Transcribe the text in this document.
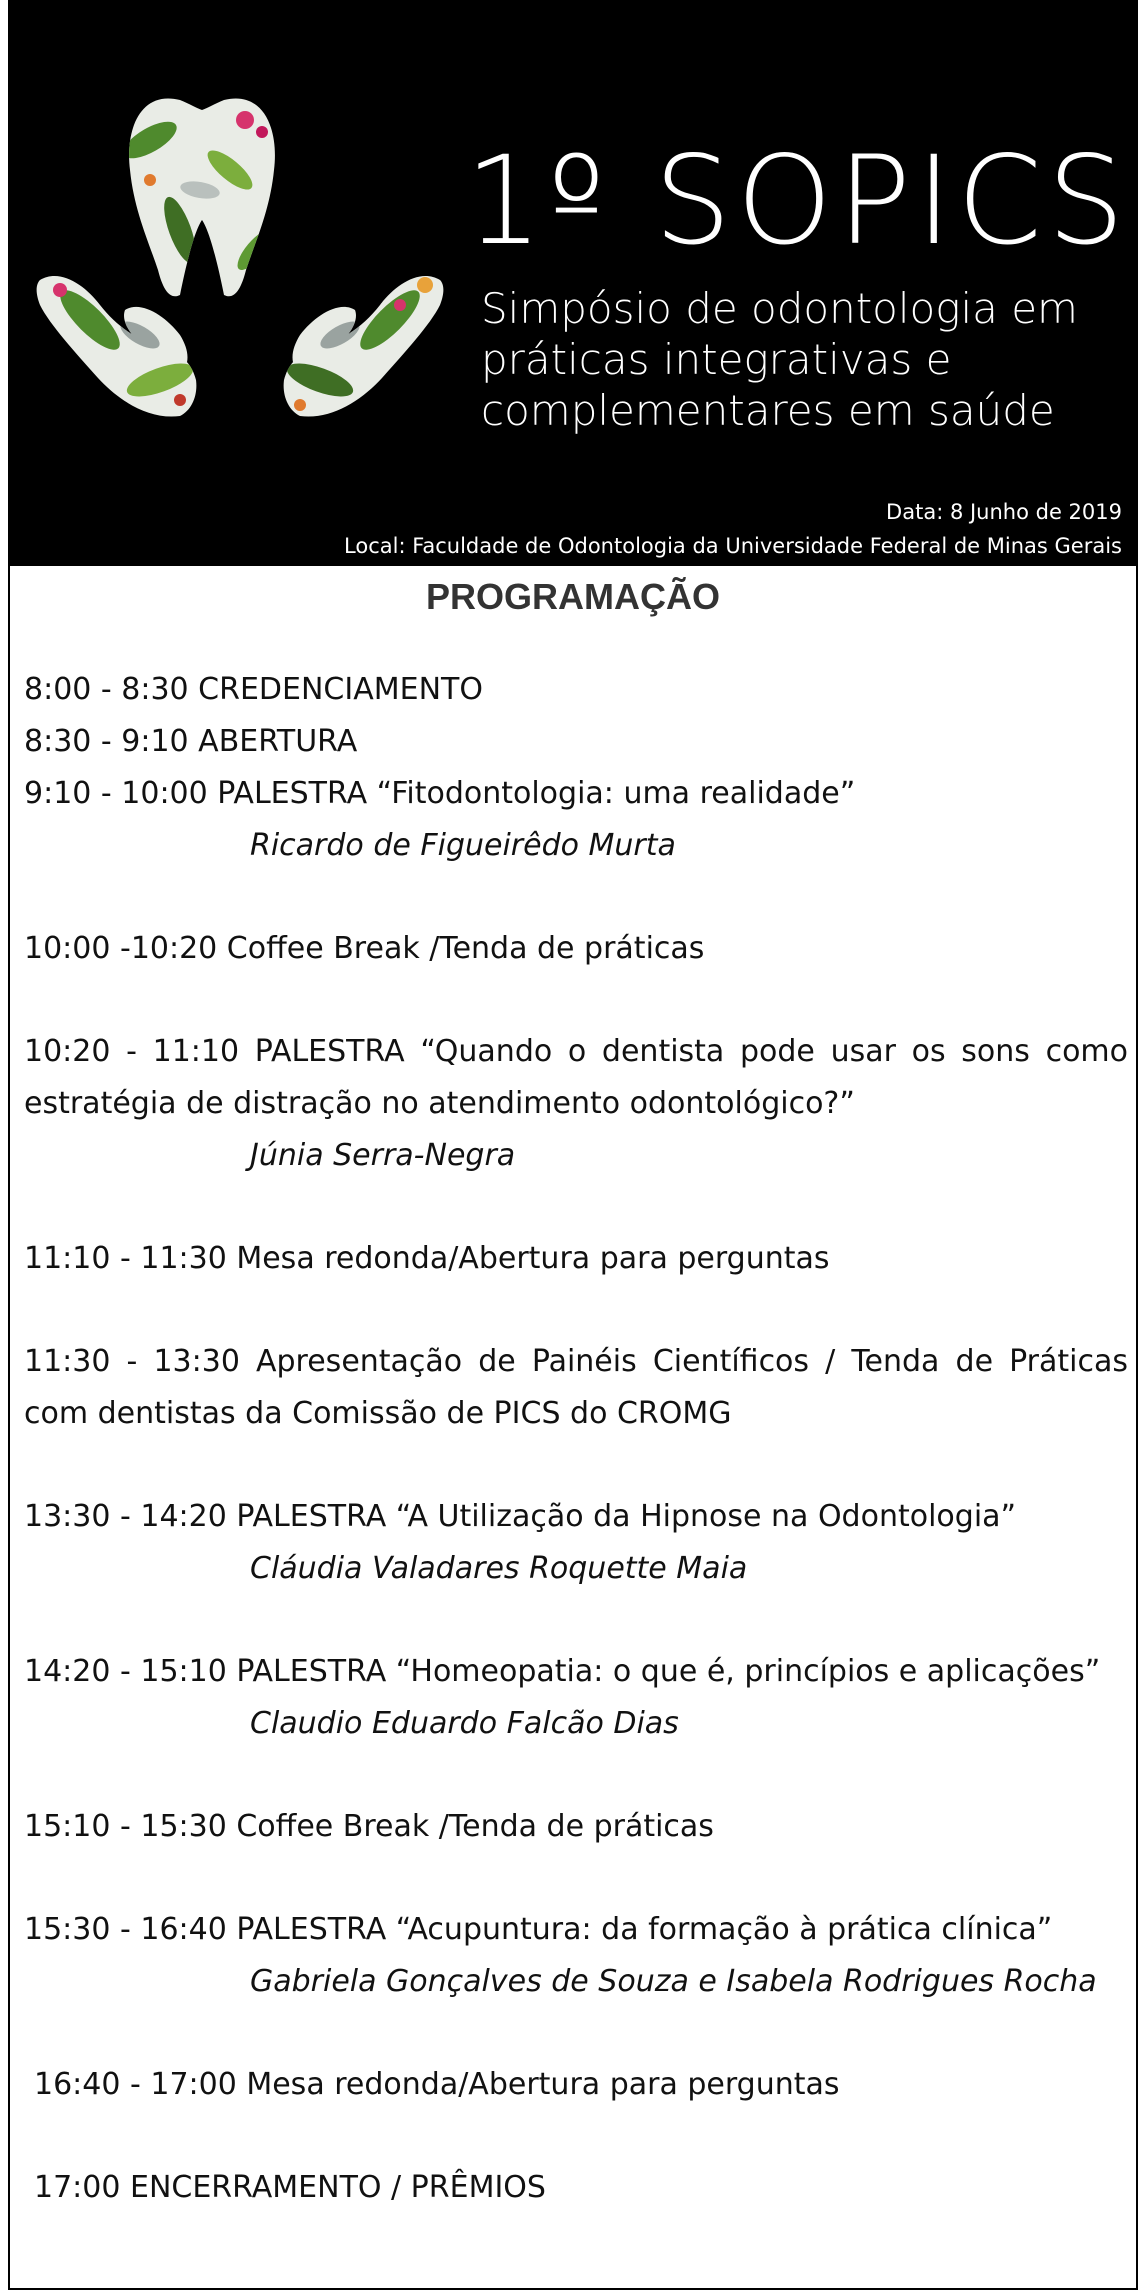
1º SOPICS
Simpósio de odontologia em práticas integrativas e complementares em saúde
Data: 8 Junho de 2019
Local: Faculdade de Odontologia da Universidade Federal de Minas Gerais
PROGRAMAÇÃO
8:00 - 8:30 CREDENCIAMENTO
8:30 - 9:10 ABERTURA
9:10 - 10:00 PALESTRA “Fitodontologia: uma realidade”
Ricardo de Figueirêdo Murta
10:00 -10:20 Coffee Break /Tenda de práticas
10:20 - 11:10 PALESTRA “Quando o dentista pode usar os sons como estratégia de distração no atendimento odontológico?”
Júnia Serra-Negra
11:10 - 11:30 Mesa redonda/Abertura para perguntas
11:30 - 13:30 Apresentação de Painéis Científicos / Tenda de Práticas com dentistas da Comissão de PICS do CROMG
13:30 - 14:20 PALESTRA “A Utilização da Hipnose na Odontologia”
Cláudia Valadares Roquette Maia
14:20 - 15:10 PALESTRA “Homeopatia: o que é, princípios e aplicações”
Claudio Eduardo Falcão Dias
15:10 - 15:30 Coffee Break /Tenda de práticas
15:30 - 16:40 PALESTRA “Acupuntura: da formação à prática clínica”
Gabriela Gonçalves de Souza e Isabela Rodrigues Rocha
16:40 - 17:00 Mesa redonda/Abertura para perguntas
17:00 ENCERRAMENTO / PRÊMIOS
